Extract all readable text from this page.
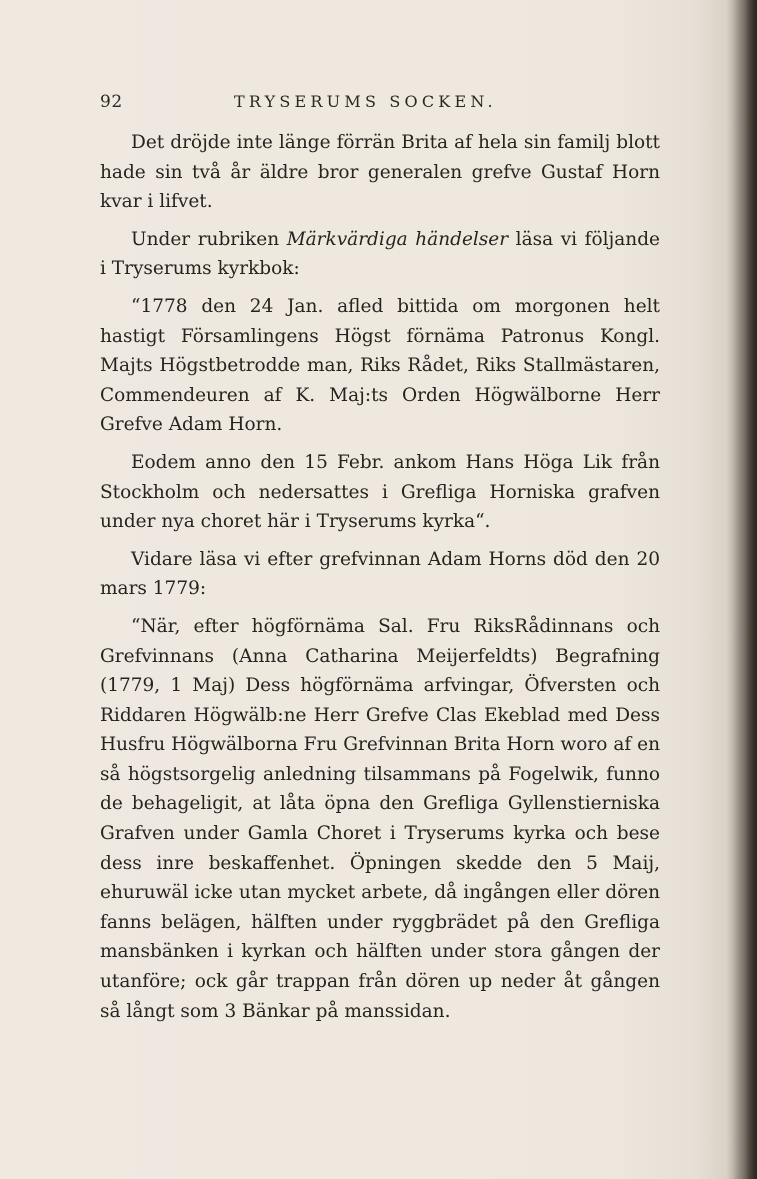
92	TRYSERUMS SOCKEN.

Det dröjde inte länge förrän Brita af hela sin familj blott hade sin två år äldre bror generalen grefve Gustaf Horn kvar i lifvet.

Under rubriken Märkvärdiga händelser läsa vi följande i Tryserums kyrkbok:

“1778 den 24 Jan. afled bittida om morgonen helt hastigt Församlingens Högst förnäma Patronus Kongl. Majts Högstbetrodde man, Riks Rådet, Riks Stallmästaren, Commendeuren af K. Maj:ts Orden Högwälborne Herr Grefve Adam Horn.

Eodem anno den 15 Febr. ankom Hans Höga Lik från Stockholm och nedersattes i Grefliga Horniska grafven under nya choret här i Tryserums kyrka“.

Vidare läsa vi efter grefvinnan Adam Horns död den 20 mars 1779:

“När, efter högförnäma Sal. Fru RiksRådinnans och Grefvinnans (Anna Catharina Meijerfeldts) Begrafning (1779, 1 Maj) Dess högförnäma arfvingar, Öfversten och Riddaren Högwälb:ne Herr Grefve Clas Ekeblad med Dess Husfru Högwälborna Fru Grefvinnan Brita Horn woro af en så högstsorgelig anledning tilsammans på Fogelwik, funno de behageligit, at låta öpna den Grefliga Gyllenstierniska Grafven under Gamla Choret i Tryserums kyrka och bese dess inre beskaffenhet. Öpningen skedde den 5 Maij, ehuruwäl icke utan mycket arbete, då ingången eller dören fanns belägen, hälften under ryggbrädet på den Grefliga mansbänken i kyrkan och hälften under stora gången der utanföre; ock går trappan från dören up neder åt gången så långt som 3 Bänkar på manssidan.
